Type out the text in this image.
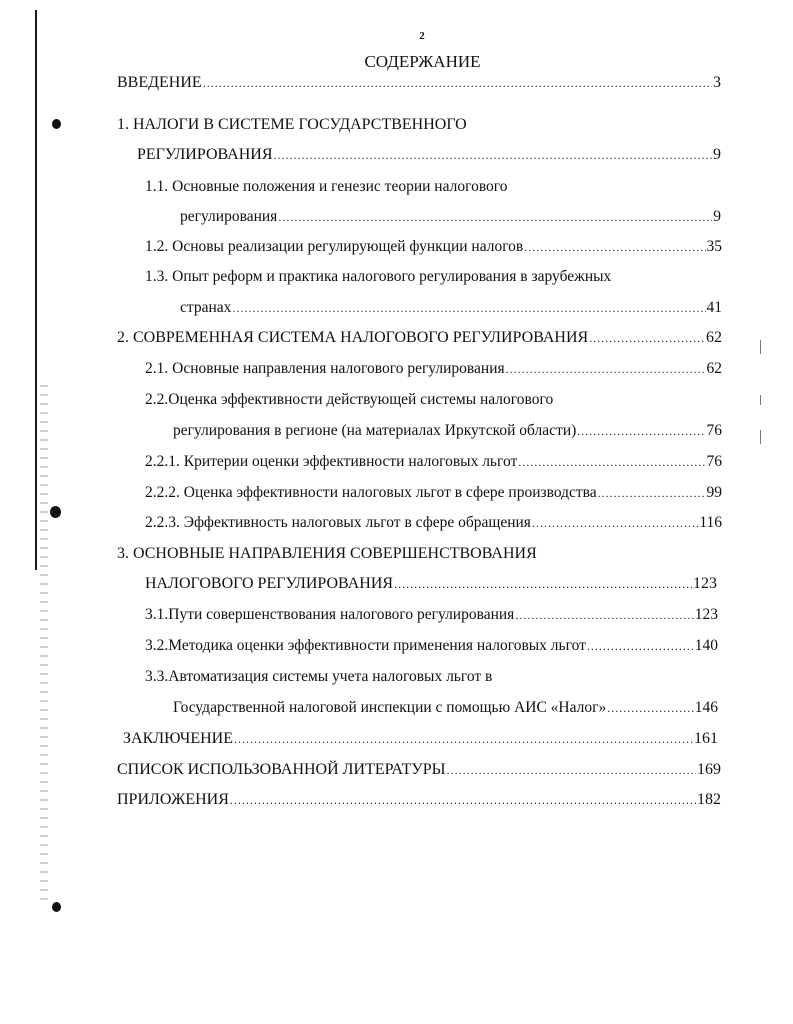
2
СОДЕРЖАНИЕ
ВВЕДЕНИЕ .....	3
1. НАЛОГИ В СИСТЕМЕ ГОСУДАРСТВЕННОГО
РЕГУЛИРОВАНИЯ .....	9
1.1. Основные положения и генезис теории налогового
регулирования .....	9
1.2. Основы реализации регулирующей функции налогов .....	35
1.3. Опыт реформ и практика налогового регулирования в зарубежных
странах .....	41
2. СОВРЕМЕННАЯ СИСТЕМА НАЛОГОВОГО РЕГУЛИРОВАНИЯ .....	62
2.1. Основные направления налогового регулирования .....	62
2.2.Оценка эффективности действующей системы налогового
регулирования в регионе (на материалах Иркутской области) .....	76
2.2.1. Критерии оценки эффективности налоговых льгот .....	76
2.2.2. Оценка эффективности налоговых льгот в сфере производства .....	99
2.2.3. Эффективность налоговых льгот в сфере обращения .....	116
3. ОСНОВНЫЕ НАПРАВЛЕНИЯ СОВЕРШЕНСТВОВАНИЯ
НАЛОГОВОГО РЕГУЛИРОВАНИЯ .....	123
3.1.Пути совершенствования налогового регулирования .....	123
3.2.Методика оценки эффективности применения налоговых льгот .....	140
3.3.Автоматизация системы учета налоговых льгот в
Государственной налоговой инспекции с помощью АИС «Налог» .....	146
ЗАКЛЮЧЕНИЕ .....	161
СПИСОК ИСПОЛЬЗОВАННОЙ ЛИТЕРАТУРЫ .....	169
ПРИЛОЖЕНИЯ .....	182
